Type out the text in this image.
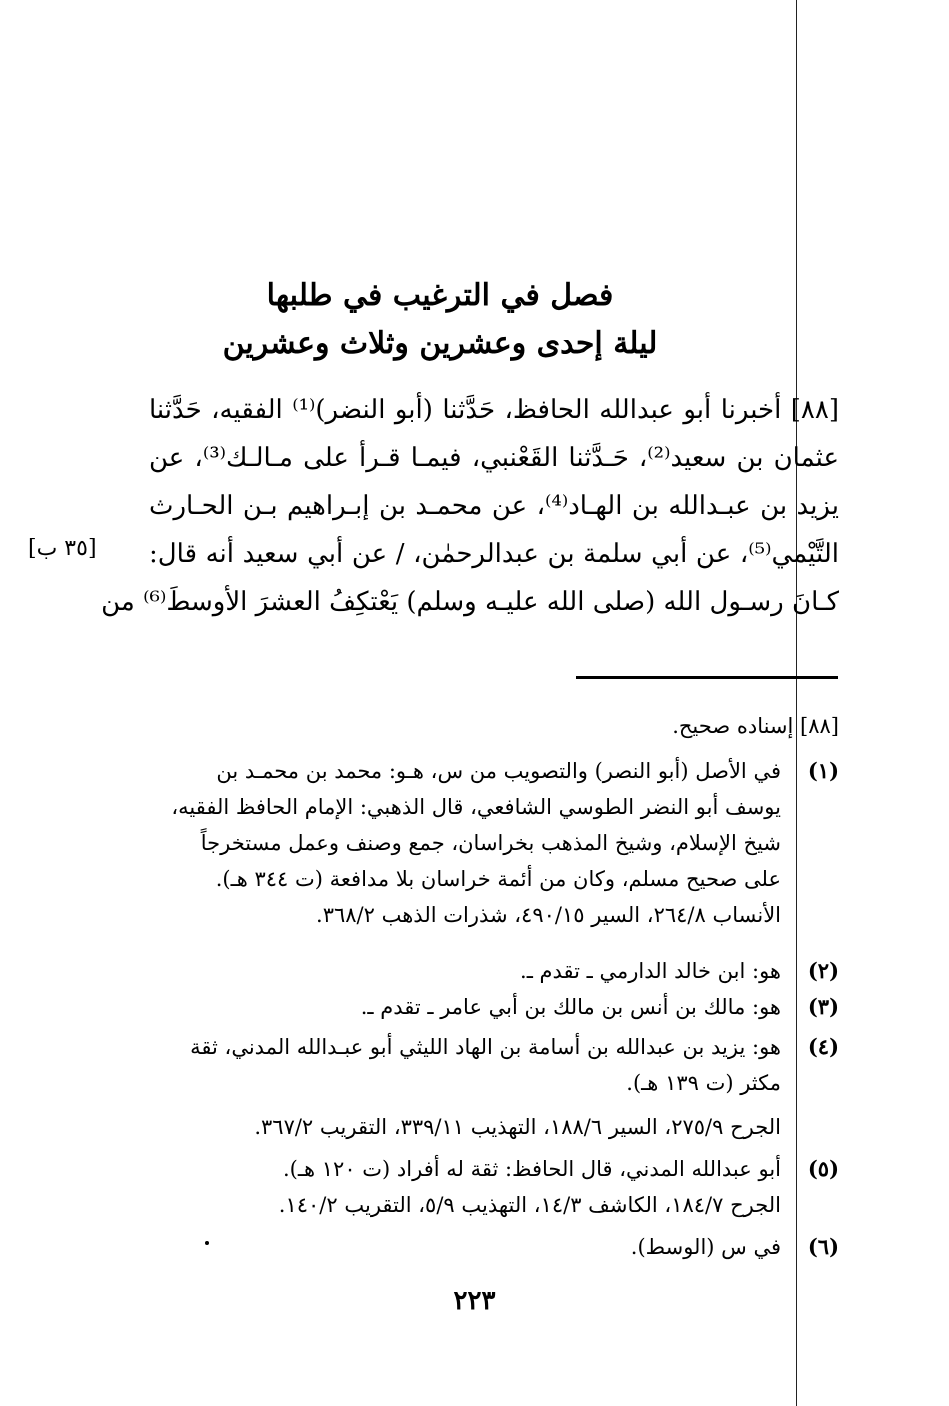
فصل في الترغيب في طلبها
ليلة إحدى وعشرين وثلاث وعشرين
[٨٨] أخبرنا أبو عبدالله الحافظ، حَدَّثنا (أبو النضر)⁽¹⁾ الفقيه، حَدَّثنا
عثمان بن سعيد⁽²⁾، حَـدَّثنا القَعْنبي، فيمـا قـرأ على مـالـك⁽³⁾، عن
يزيد بن عبـدالله بن الهـاد⁽⁴⁾، عن محمـد بن إبـراهيم بـن الحـارث
التَّيْمي⁽⁵⁾، عن أبي سلمة بن عبدالرحمٰن، / عن أبي سعيد أنه قال:
كـانَ رسـول الله (صلى الله عليـه وسلم) يَعْتكِفُ العشرَ الأوسطَ⁽⁶⁾ من
[٣٥ ب]
[٨٨] إسناده صحيح.
(١)
في الأصل (أبو النصر) والتصويب من س، هـو: محمد بن محمـد بن
يوسف أبو النضر الطوسي الشافعي، قال الذهبي: الإمام الحافظ الفقيه،
شيخ الإسلام، وشيخ المذهب بخراسان، جمع وصنف وعمل مستخرجاً
على صحيح مسلم، وكان من أئمة خراسان بلا مدافعة (ت ٣٤٤ هـ).
الأنساب ٢٦٤/٨، السير ٤٩٠/١٥، شذرات الذهب ٣٦٨/٢.
(٢)
هو: ابن خالد الدارمي ـ تقدم ـ.
(٣)
هو: مالك بن أنس بن مالك بن أبي عامر ـ تقدم ـ.
(٤)
هو: يزيد بن عبدالله بن أسامة بن الهاد الليثي أبو عبـدالله المدني، ثقة
مكثر (ت ١٣٩ هـ).
الجرح ٢٧٥/٩، السير ١٨٨/٦، التهذيب ٣٣٩/١١، التقريب ٣٦٧/٢.
(٥)
أبو عبدالله المدني، قال الحافظ: ثقة له أفراد (ت ١٢٠ هـ).
الجرح ١٨٤/٧، الكاشف ١٤/٣، التهذيب ٥/٩، التقريب ١٤٠/٢.
(٦)
في س (الوسط).
٢٢٣
